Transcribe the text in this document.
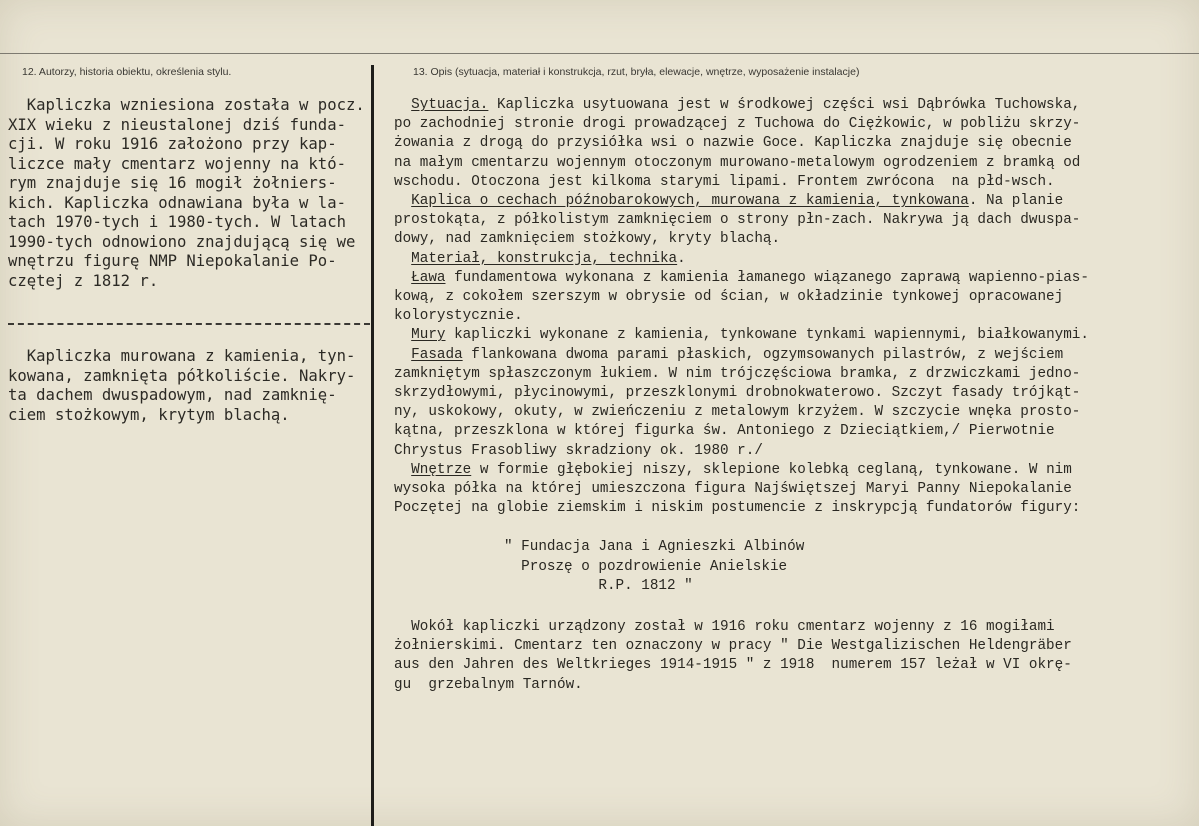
12. Autorzy, historia obiektu, określenia stylu.	13. Opis (sytuacja, materiał i konstrukcja, rzut, bryła, elewacje, wnętrze, wyposażenie instalacje)
Kapliczka wzniesiona została w pocz.
XIX wieku z nieustalonej dziś funda-
cji. W roku 1916 założono przy kap-
liczce mały cmentarz wojenny na któ-
rym znajduje się 16 mogił żołniers-
kich. Kapliczka odnawiana była w la-
tach 1970-tych i 1980-tych. W latach
1990-tych odnowiono znajdującą się we
wnętrzu figurę NMP Niepokalanie Po-
czętej z 1812 r.
Kapliczka murowana z kamienia, tyn-
kowana, zamknięta półkoliście. Nakry-
ta dachem dwuspadowym, nad zamknię-
ciem stożkowym, krytym blachą.
Sytuacja. Kapliczka usytuowana jest w środkowej części wsi Dąbrówka Tuchowska,
po zachodniej stronie drogi prowadzącej z Tuchowa do Ciężkowic, w pobliżu skrzy-
żowania z drogą do przysiółka wsi o nazwie Goce. Kapliczka znajduje się obecnie
na małym cmentarzu wojennym otoczonym murowano-metalowym ogrodzeniem z bramką od
wschodu. Otoczona jest kilkoma starymi lipami. Frontem zwrócona  na płd-wsch.
Kaplica o cechach późnobarokowych, murowana z kamienia, tynkowana. Na planie
prostokąta, z półkolistym zamknięciem o strony płn-zach. Nakrywa ją dach dwuspa-
dowy, nad zamknięciem stożkowy, kryty blachą.
Materiał, konstrukcja, technika.
Ława fundamentowa wykonana z kamienia łamanego wiązanego zaprawą wapienno-pias-
kową, z cokołem szerszym w obrysie od ścian, w okładzinie tynkowej opracowanej
kolorystycznie.
Mury kapliczki wykonane z kamienia, tynkowane tynkami wapiennymi, białkowanymi.
Fasada flankowana dwoma parami płaskich, ogzymsowanych pilastrów, z wejściem
zamkniętym spłaszczonym łukiem. W nim trójczęściowa bramka, z drzwiczkami jedno-
skrzydłowymi, płycinowymi, przeszklonymi drobnokwaterowo. Szczyt fasady trójkąt-
ny, uskokowy, okuty, w zwieńczeniu z metalowym krzyżem. W szczycie wnęka prosto-
kątna, przeszklona w której figurka św. Antoniego z Dzieciątkiem,/ Pierwotnie
Chrystus Frasobliwy skradziony ok. 1980 r./
Wnętrze w formie głębokiej niszy, sklepione kolebką ceglaną, tynkowane. W nim
wysoka półka na której umieszczona figura Najświętszej Maryi Panny Niepokalanie
Poczętej na globie ziemskim i niskim postumencie z inskrypcją fundatorów figury:
" Fundacja Jana i Agnieszki Albinów
Proszę o pozdrowienie Anielskie
R.P. 1812 "
Wokół kapliczki urządzony został w 1916 roku cmentarz wojenny z 16 mogiłami
żołnierskimi. Cmentarz ten oznaczony w pracy " Die Westgalizischen Heldengräber
aus den Jahren des Weltkrieges 1914-1915 " z 1918  numerem 157 leżał w VI okrę-
gu  grzebalnym Tarnów.
